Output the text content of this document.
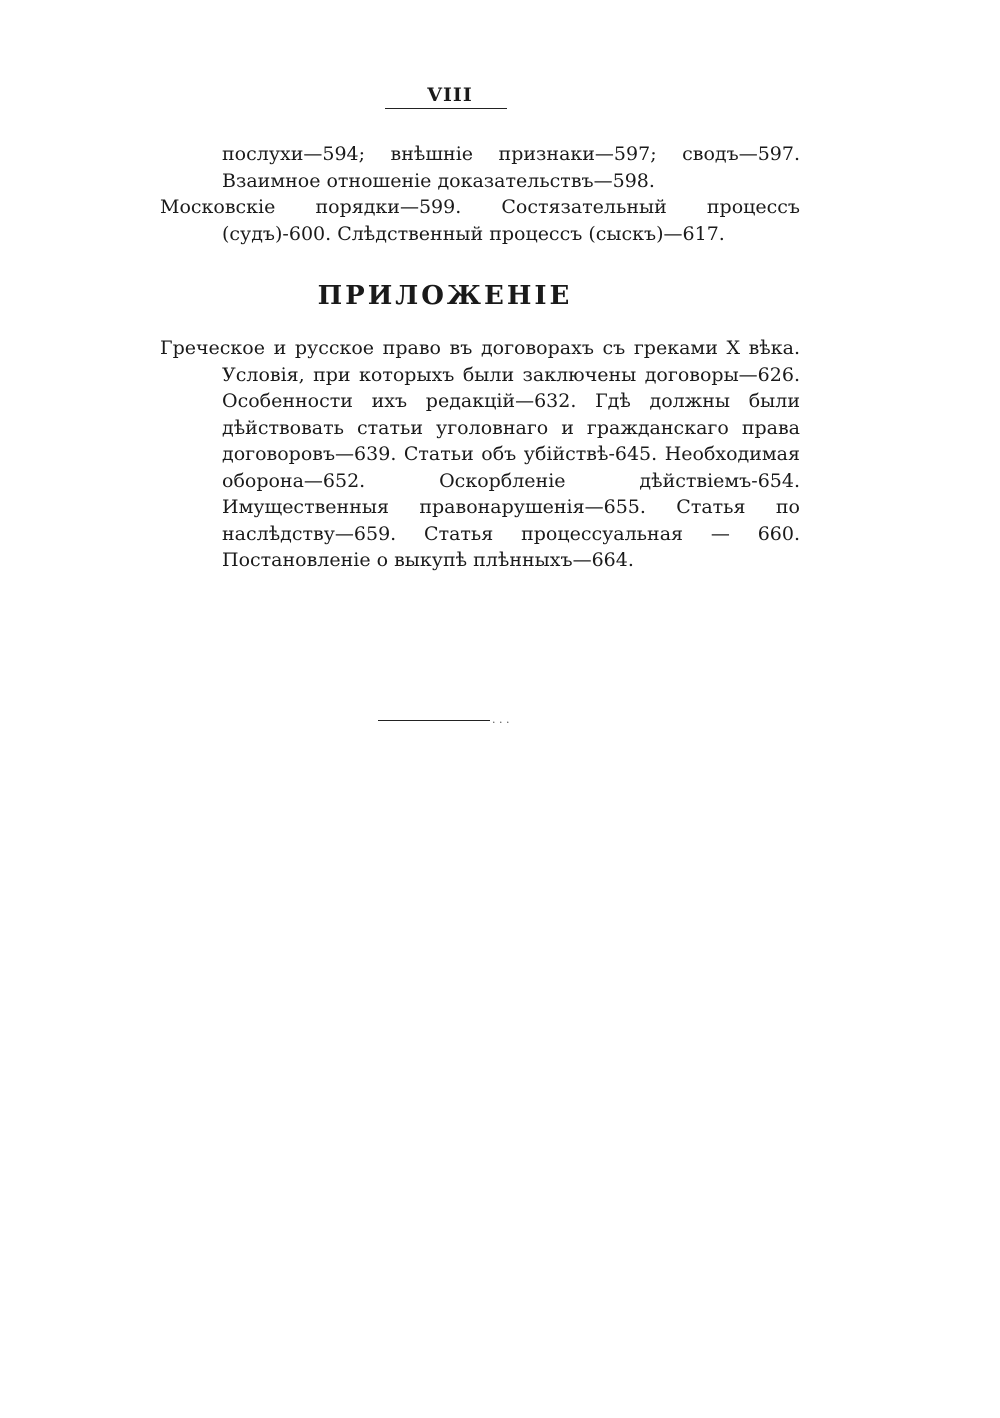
VIII

послухи—594; внѣшніе признаки—597; сводъ—597. Взаимное отношеніе доказательствъ—598.

Московскіе порядки—599. Состязательный процессъ (судъ)-600. Слѣдственный процессъ (сыскъ)—617.

ПРИЛОЖЕНІЕ

Греческое и русское право въ договорахъ съ греками X вѣка. Условія, при которыхъ были заключены договоры—626. Особенности ихъ редакцій—632. Гдѣ должны были дѣйствовать статьи уголовнаго и гражданскаго права договоровъ—639. Статьи объ убійствѣ-645. Необходимая оборона—652. Оскорбленіе дѣйствіемъ-654. Имущественныя правонарушенія—655. Статья по наслѣдству—659. Статья процессуальная — 660. Постановленіе о выкупѣ плѣнныхъ—664.

. . .
